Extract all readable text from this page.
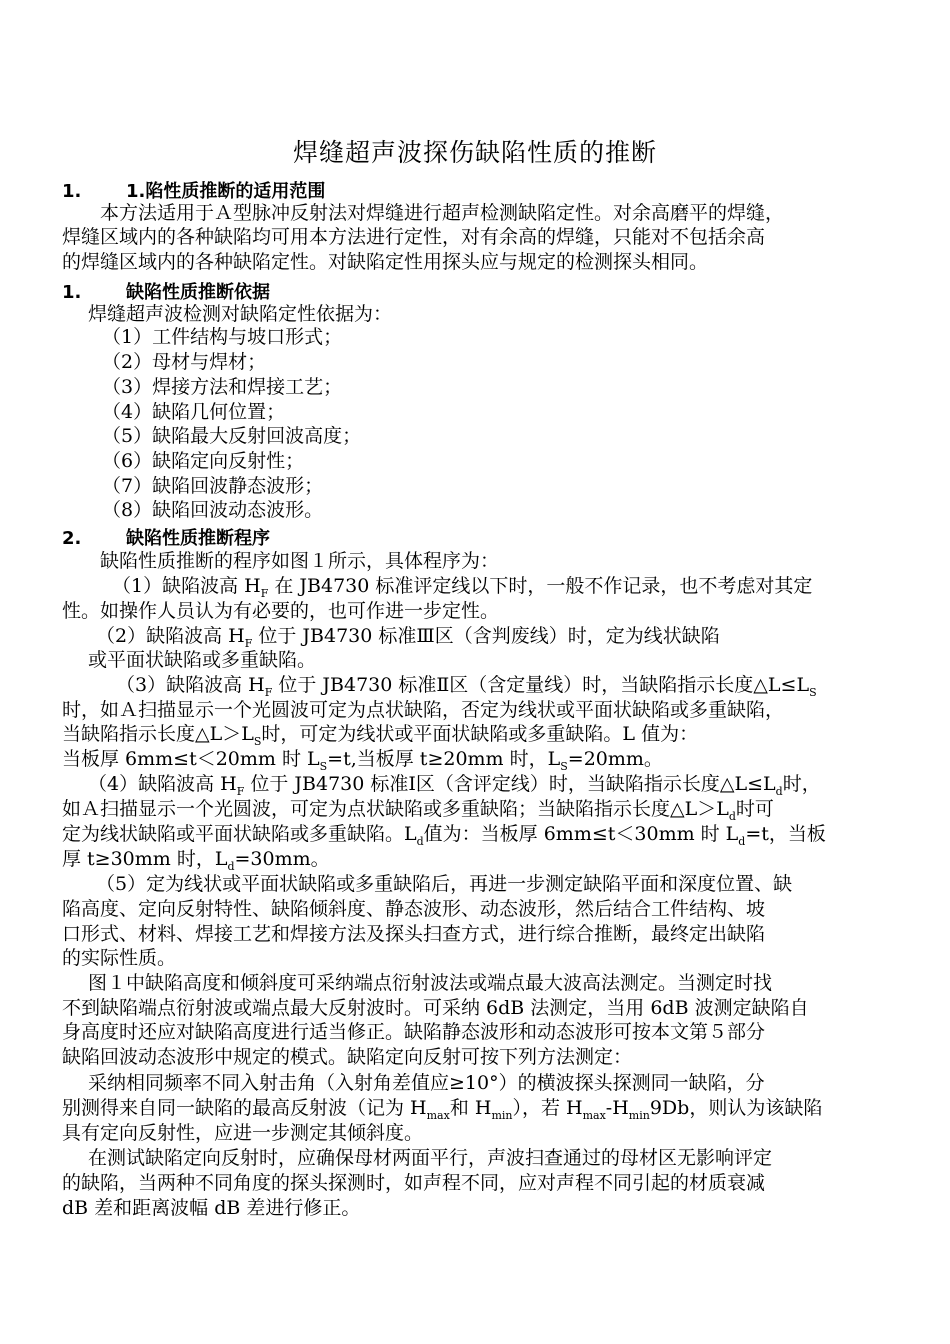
焊缝超声波探伤缺陷性质的推断
1. 1.陷性质推断的适用范围
本方法适用于Ａ型脉冲反射法对焊缝进行超声检测缺陷定性。对余高磨平的焊缝，
焊缝区域内的各种缺陷均可用本方法进行定性，对有余高的焊缝，只能对不包括余高
的焊缝区域内的各种缺陷定性。对缺陷定性用探头应与规定的检测探头相同。
1. 缺陷性质推断依据
焊缝超声波检测对缺陷定性依据为：
（1）工件结构与坡口形式；
（2）母材与焊材；
（3）焊接方法和焊接工艺；
（4）缺陷几何位置；
（5）缺陷最大反射回波高度；
（6）缺陷定向反射性；
（7）缺陷回波静态波形；
（8）缺陷回波动态波形。
2. 缺陷性质推断程序
缺陷性质推断的程序如图１所示，具体程序为：
（1）缺陷波高 $H_F$ 在 JB4730 标准评定线以下时，一般不作记录，也不考虑对其定
性。如操作人员认为有必要的，也可作进一步定性。
（2）缺陷波高 $H_F$ 位于 JB4730 标准Ⅲ区（含判废线）时，定为线状缺陷
或平面状缺陷或多重缺陷。
（3）缺陷波高 $H_F$ 位于 JB4730 标准Ⅱ区（含定量线）时，当缺陷指示长度$\triangle L\le L_S$
时，如Ａ扫描显示一个光圆波可定为点状缺陷，否定为线状或平面状缺陷或多重缺陷，
当缺陷指示长度$\triangle L>L_S$时，可定为线状或平面状缺陷或多重缺陷。L 值为：
当板厚 6mm≤t＜20mm 时 $L_S=t$,当板厚 t≥20mm 时，$L_S=20mm$。
（4）缺陷波高 $H_F$ 位于 JB4730 标准Ⅰ区（含评定线）时，当缺陷指示长度$\triangle L\le L_d$时，
如Ａ扫描显示一个光圆波，可定为点状缺陷或多重缺陷；当缺陷指示长度$\triangle L>L_d$时可
定为线状缺陷或平面状缺陷或多重缺陷。$L_d$值为：当板厚 6mm≤t＜30mm 时 $L_d=t$，当板
厚 t≥30mm 时，$L_d=30mm$。
（5）定为线状或平面状缺陷或多重缺陷后，再进一步测定缺陷平面和深度位置、缺
陷高度、定向反射特性、缺陷倾斜度、静态波形、动态波形，然后结合工件结构、坡
口形式、材料、焊接工艺和焊接方法及探头扫查方式，进行综合推断，最终定出缺陷
的实际性质。
图１中缺陷高度和倾斜度可采纳端点衍射波法或端点最大波高法测定。当测定时找
不到缺陷端点衍射波或端点最大反射波时。可采纳 6dB 法测定，当用 6dB 波测定缺陷自
身高度时还应对缺陷高度进行适当修正。缺陷静态波形和动态波形可按本文第５部分
缺陷回波动态波形中规定的模式。缺陷定向反射可按下列方法测定：
采纳相同频率不同入射击角（入射角差值应≥10°）的横波探头探测同一缺陷，分
别测得来自同一缺陷的最高反射波（记为 $H_{max}$和 $H_{min}$），若 $H_{max}-H_{min}9Db$，则认为该缺陷
具有定向反射性，应进一步测定其倾斜度。
在测试缺陷定向反射时，应确保母材两面平行，声波扫查通过的母材区无影响评定
的缺陷，当两种不同角度的探头探测时，如声程不同，应对声程不同引起的材质衰减
dB 差和距离波幅 dB 差进行修正。
